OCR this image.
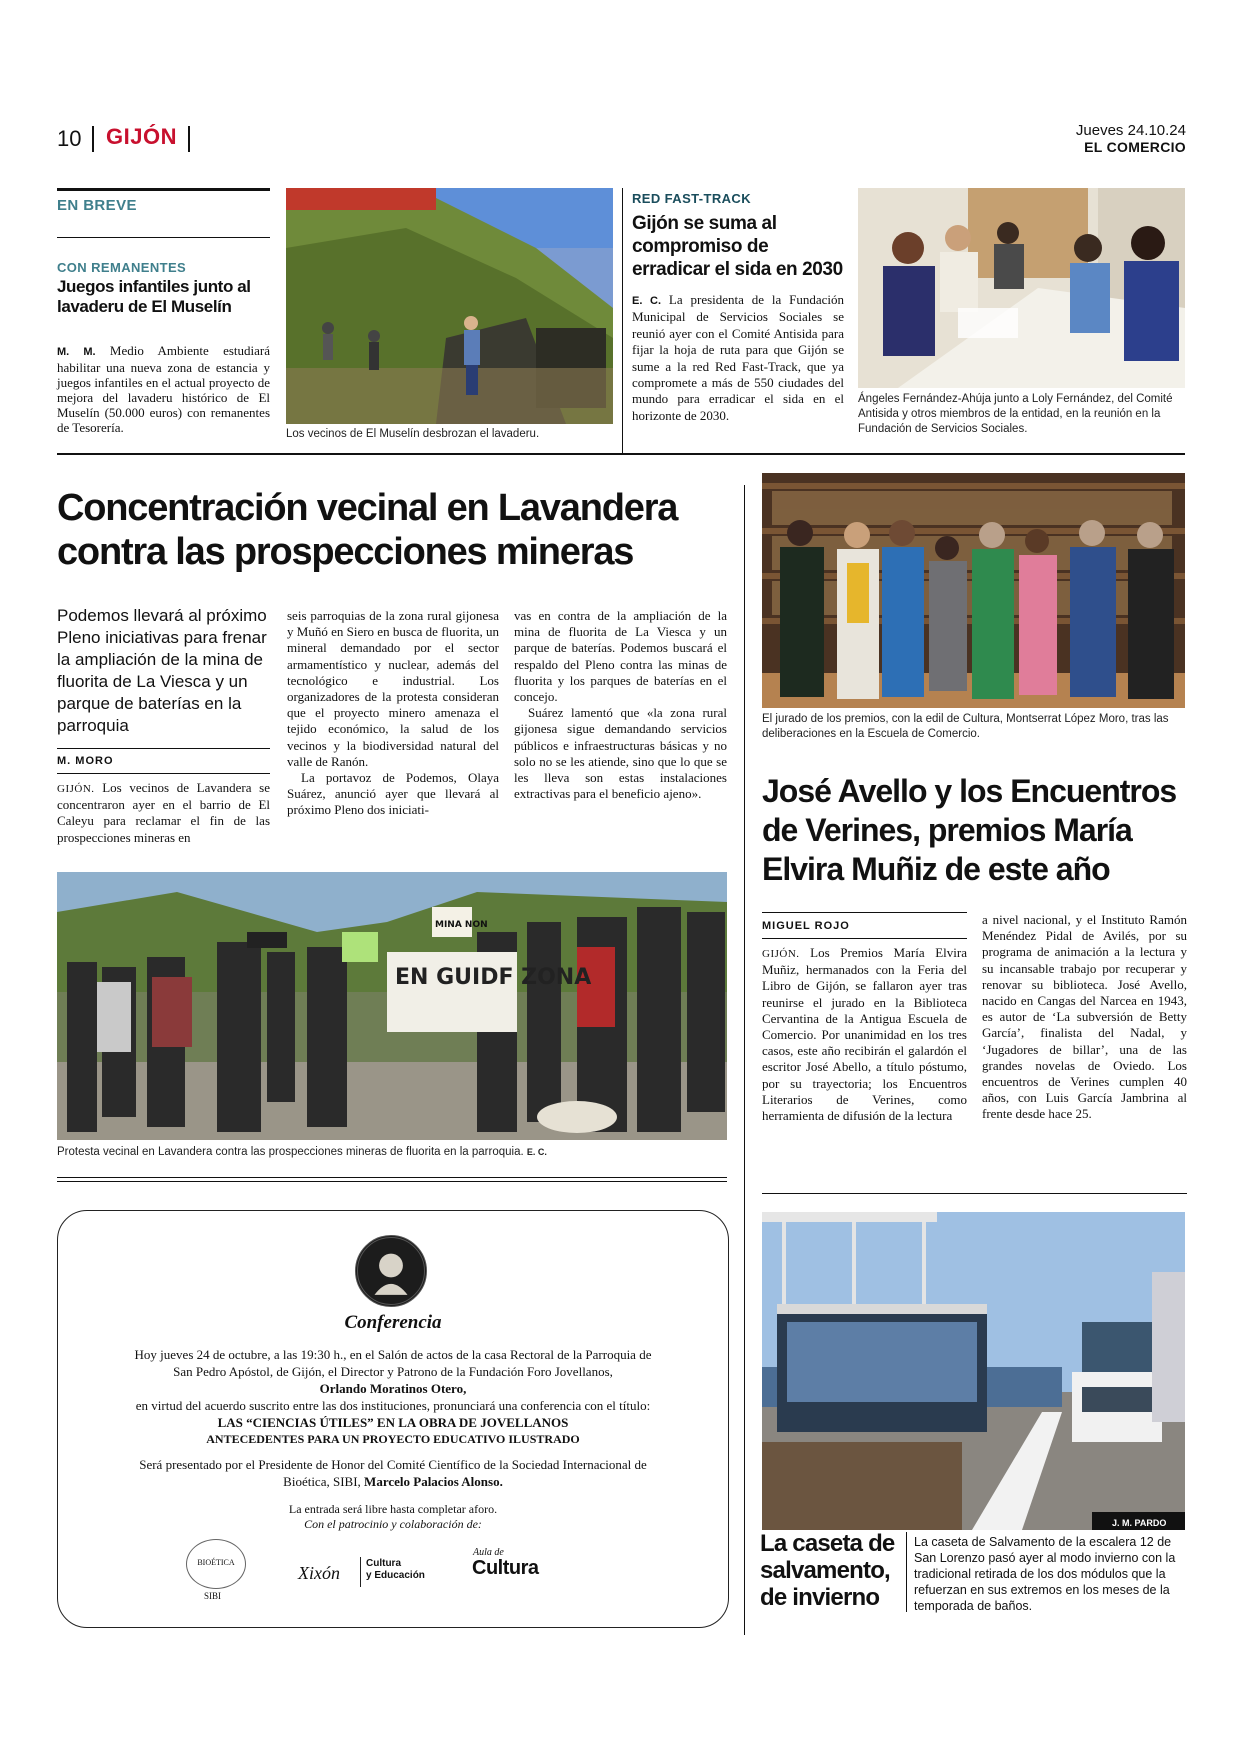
10 GIJÓN	Jueves 24.10.24
EL COMERCIO
EN BREVE
CON REMANENTES
Juegos infantiles junto al lavaderu de El Muselín
M. M. Medio Ambiente estudiará habilitar una nueva zona de estancia y juegos infantiles en el actual proyecto de mejora del lavaderu histórico de El Muselín (50.000 euros) con remanentes de Tesorería.	Los vecinos de El Muselín desbrozan el lavaderu.
RED FAST-TRACK
Gijón se suma al compromiso de erradicar el sida en 2030
E. C. La presidenta de la Fundación Municipal de Servicios Sociales se reunió ayer con el Comité Antisida para fijar la hoja de ruta para que Gijón se sume a la red Red Fast-Track, que ya compromete a más de 550 ciudades del mundo para erradicar el sida en el horizonte de 2030.
Ángeles Fernández-Ahúja junto a Loly Fernández, del Comité Antisida y otros miembros de la entidad, en la reunión en la Fundación de Servicios Sociales.
Concentración vecinal en Lavandera contra las prospecciones mineras
Podemos llevará al próximo Pleno iniciativas para frenar la ampliación de la mina de fluorita de La Viesca y un parque de baterías en la parroquia
M. MORO
GIJÓN. Los vecinos de Lavandera se concentraron ayer en el barrio de El Caleyu para reclamar el fin de las prospecciones mineras en
seis parroquias de la zona rural gijonesa y Muñó en Siero en busca de fluorita, un mineral demandado por el sector armamentístico y nuclear, además del tecnológico e industrial. Los organizadores de la protesta consideran que el proyecto minero amenaza el tejido económico, la salud de los vecinos y la biodiversidad natural del valle de Ranón.
La portavoz de Podemos, Olaya Suárez, anunció ayer que llevará al próximo Pleno dos iniciati-
vas en contra de la ampliación de la mina de fluorita de La Viesca y un parque de baterías. Podemos buscará el respaldo del Pleno contra las minas de fluorita y los parques de baterías en el concejo.
Suárez lamentó que «la zona rural gijonesa sigue demandando servicios públicos e infraestructuras básicas y no solo no se les atiende, sino que lo que se les lleva son estas instalaciones extractivas para el beneficio ajeno».
EN GUIDF ZONA
MINA NON
Protesta vecinal en Lavandera contra las prospecciones mineras de fluorita en la parroquia. E. C.
Conferencia
Hoy jueves 24 de octubre, a las 19:30 h., en el Salón de actos de la casa Rectoral de la Parroquia de
San Pedro Apóstol, de Gijón, el Director y Patrono de la Fundación Foro Jovellanos,
Orlando Moratinos Otero,
en virtud del acuerdo suscrito entre las dos instituciones, pronunciará una conferencia con el título:
LAS “CIENCIAS ÚTILES” EN LA OBRA DE JOVELLANOS
ANTECEDENTES PARA UN PROYECTO EDUCATIVO ILUSTRADO
Será presentado por el Presidente de Honor del Comité Científico de la Sociedad Internacional de
Bioética, SIBI, Marcelo Palacios Alonso.
La entrada será libre hasta completar aforo.
Con el patrocinio y colaboración de:
BIOÉTICA
SIBI
Xixón	Cultura
y Educación
Aula de
Cultura
El jurado de los premios, con la edil de Cultura, Montserrat López Moro, tras las deliberaciones en la Escuela de Comercio.
José Avello y los Encuentros de Verines, premios María Elvira Muñiz de este año
MIGUEL ROJO
GIJÓN. Los Premios María Elvira Muñiz, hermanados con la Feria del Libro de Gijón, se fallaron ayer tras reunirse el jurado en la Biblioteca Cervantina de la Antigua Escuela de Comercio. Por unanimidad en los tres casos, este año recibirán el galardón el escritor José Abello, a título póstumo, por su trayectoria; los Encuentros Literarios de Verines, como herramienta de difusión de la lectura
a nivel nacional, y el Instituto Ramón Menéndez Pidal de Avilés, por su programa de animación a la lectura y su incansable trabajo por recuperar y renovar su biblioteca. José Avello, nacido en Cangas del Narcea en 1943, es autor de ‘La subversión de Betty García’, finalista del Nadal, y ‘Jugadores de billar’, una de las grandes novelas de Oviedo. Los encuentros de Verines cumplen 40 años, con Luis García Jambrina al frente desde hace 25.
J. M. PARDO
La caseta de salvamento, de invierno
La caseta de Salvamento de la escalera 12 de San Lorenzo pasó ayer al modo invierno con la tradicional retirada de los dos módulos que la refuerzan en sus extremos en los meses de la temporada de baños.
